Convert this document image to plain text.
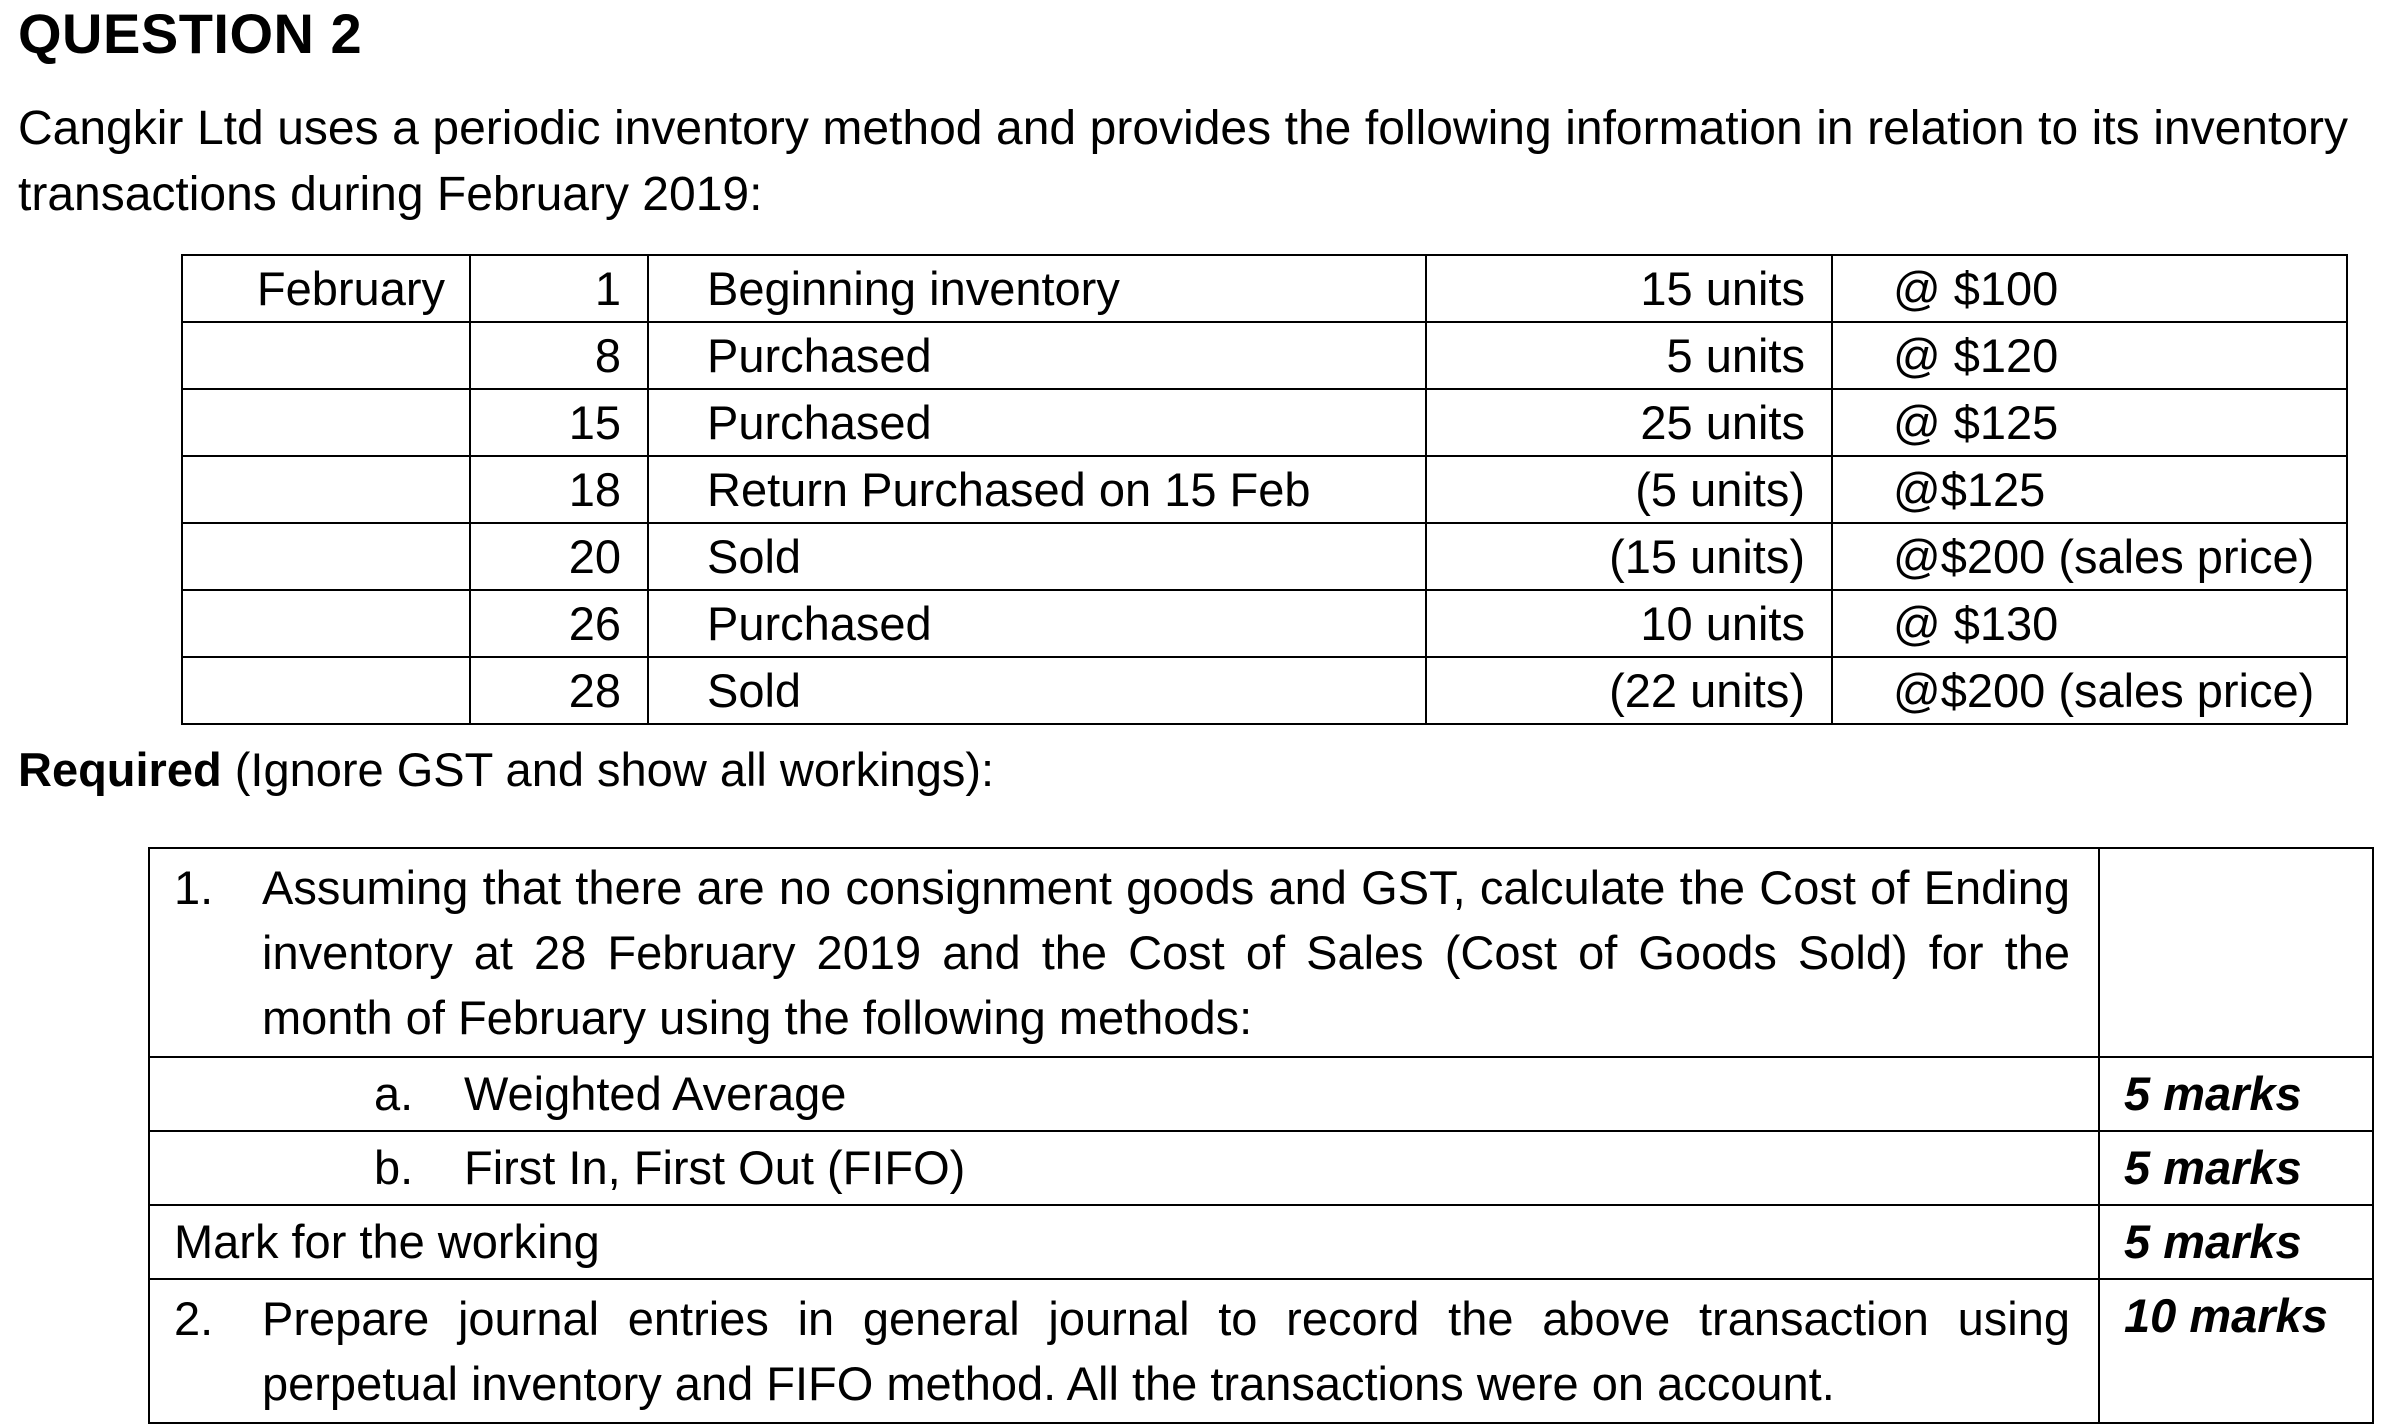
QUESTION 2

Cangkir Ltd uses a periodic inventory method and provides the following information in relation to its inventory transactions during February 2019:

February	1	Beginning inventory	15 units	@ $100
	8	Purchased	5 units	@ $120
	15	Purchased	25 units	@ $125
	18	Return Purchased on 15 Feb	(5 units)	@$125
	20	Sold	(15 units)	@$200 (sales price)
	26	Purchased	10 units	@ $130
	28	Sold	(22 units)	@$200 (sales price)

Required (Ignore GST and show all workings):

1. Assuming that there are no consignment goods and GST, calculate the Cost of Ending inventory at 28 February 2019 and the Cost of Sales (Cost of Goods Sold) for the month of February using the following methods:	

a. Weighted Average	5 marks

b. First In, First Out (FIFO)	5 marks

Mark for the working	5 marks

2. Prepare journal entries in general journal to record the above transaction using perpetual inventory and FIFO method. All the transactions were on account.	10 marks
